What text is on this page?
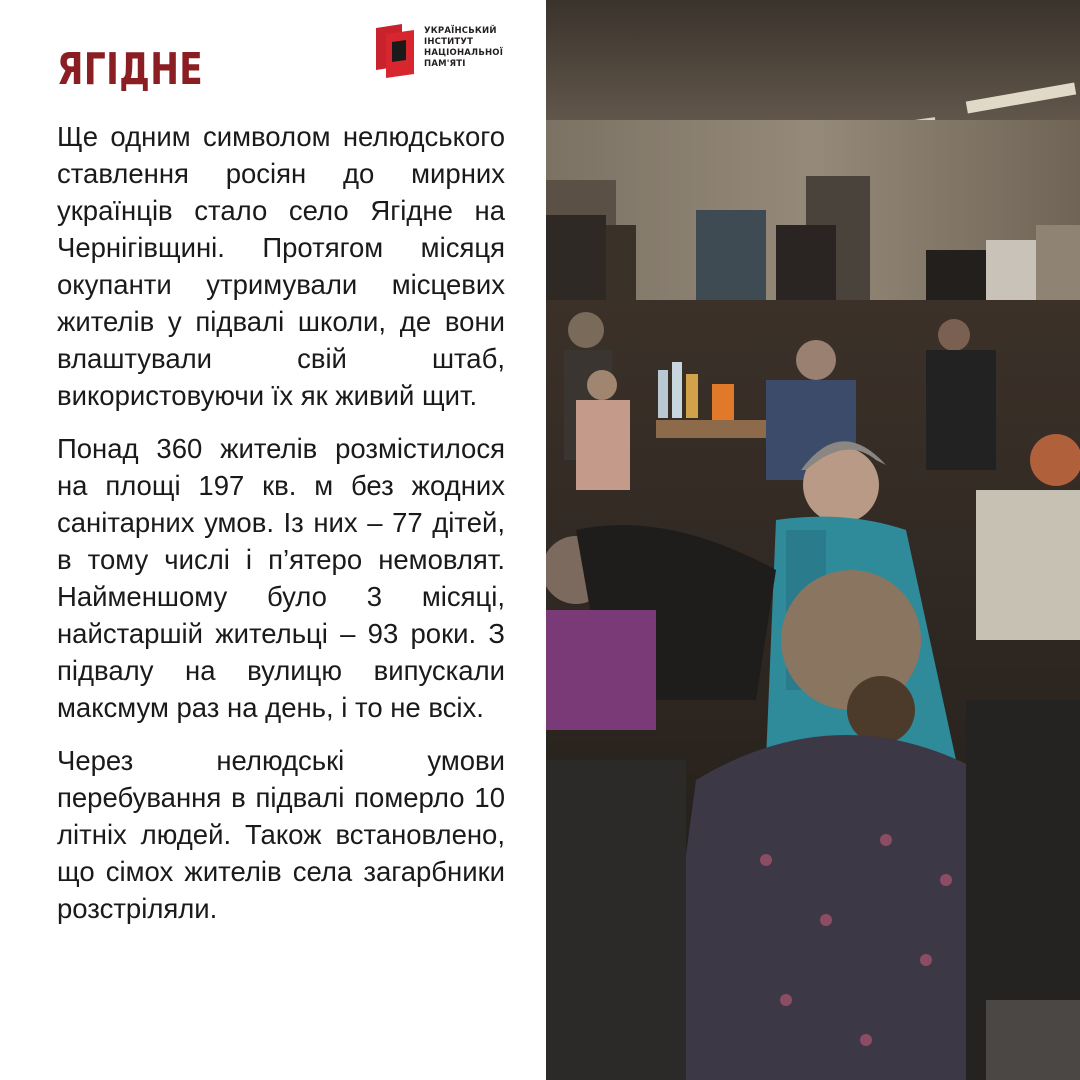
ЯГІДНЕ
УКРАЇНСЬКИЙ
ІНСТИТУТ
НАЦІОНАЛЬНОЇ
ПАМ'ЯТІ

Ще одним символом нелюдського ставлення росіян до мирних українців стало село Ягідне на Чернігівщині. Протягом місяця окупанти утримували місцевих жителів у підвалі школи, де вони влаштували свій штаб, використовуючи їх як живий щит.

Понад 360 жителів розмістилося на площі 197 кв. м без жодних санітарних умов. Із них – 77 дітей, в тому числі і п’ятеро немовлят. Найменшому було 3 місяці, найстаршій жительці – 93 роки. З підвалу на вулицю випускали максмум раз на день, і то не всіх.

Через нелюдські умови перебування в підвалі померло 10 літніх людей. Також встановлено, що сімох жителів села загарбники розстріляли.
